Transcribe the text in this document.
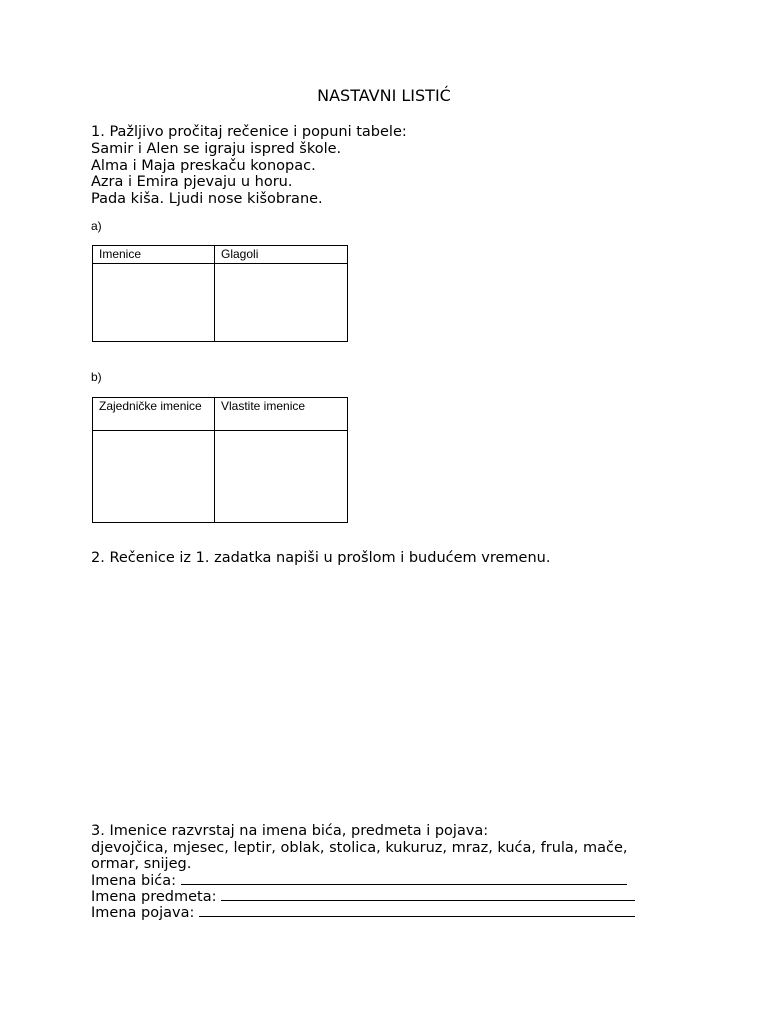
NASTAVNI LISTIĆ
1. Pažljivo pročitaj rečenice i popuni tabele:
Samir i Alen se igraju ispred škole.
Alma i Maja preskaču konopac.
Azra i Emira pjevaju u horu.
Pada kiša. Ljudi nose kišobrane.
a)
Imenice	Glagoli

b)
Zajedničke imenice	Vlastite imenice

2. Rečenice iz 1. zadatka napiši u prošlom i budućem vremenu.
3. Imenice razvrstaj na imena bića, predmeta i pojava:
djevojčica, mjesec, leptir, oblak, stolica, kukuruz, mraz, kuća, frula, mače,
ormar, snijeg.
Imena bića:
Imena predmeta:
Imena pojava:
